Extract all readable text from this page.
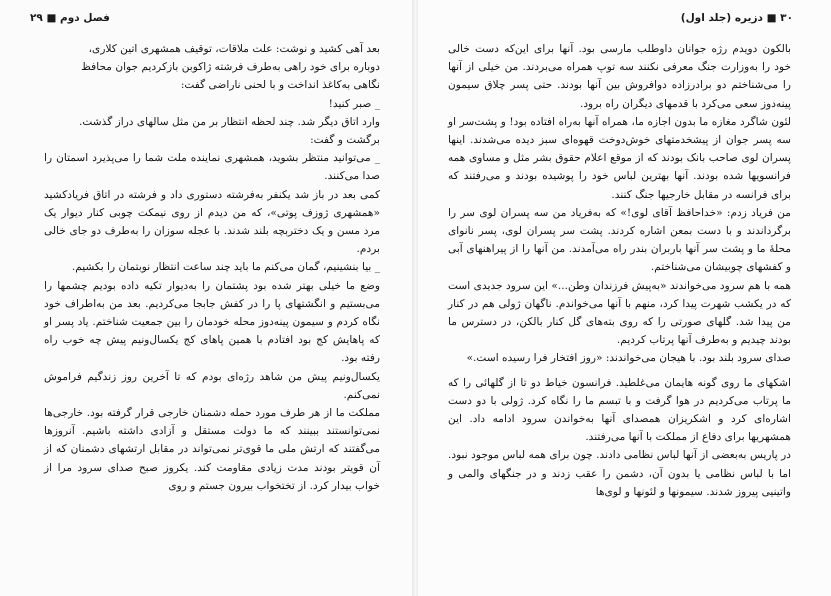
فصل دوم ■ ۲۹

بعد آهی کشید و نوشت: علت ملاقات، توقیف همشهری اتین کلاری،

دوباره برای خود راهی به‌طرف فرشته ژاکوبن بازکردیم جوان محافظ

نگاهی به‌کاغذ انداخت و با لحنی ناراضی گفت:

_ صبر کنید!

وارد اتاق دیگر شد. چند لحظه انتظار بر من مثل سالهای دراز گذشت.

برگشت و گفت:

_ می‌توانید منتظر بشوید، همشهری نماینده ملت شما را می‌پذیرد اسمتان را صدا می‌کنند.

کمی بعد در باز شد یکنفر به‌فرشته دستوری داد و فرشته در اتاق فریادکشید «همشهری ژوزف پوتی»، که من دیدم از روی نیمکت چوبی کنار دیوار یک مرد مسن و یک دختربچه بلند شدند. با عجله سوزان را به‌طرف دو جای خالی بردم.

_ بیا بنشینیم، گمان می‌کنم ما باید چند ساعت انتظار نوبتمان را بکشیم.

وضع ما خیلی بهتر شده بود پشتمان را به‌دیوار تکیه داده بودیم چشمها را می‌بستیم و انگشتهای پا را در کفش جابجا می‌کردیم. بعد من به‌اطراف خود نگاه کردم و سیمون پینه‌دوز محله خودمان را بین جمعیت شناختم. یاد پسر او که پاهایش کج بود افتادم با همین پاهای کج یکسال‌ونیم پیش چه خوب راه رفته بود.

یکسال‌ونیم پیش من شاهد رژه‌ای بودم که تا آخرین روز زندگیم فراموش نمی‌کنم.

مملکت ما از هر طرف مورد حمله دشمنان خارجی قرار گرفته بود. خارجی‌ها نمی‌توانستند ببینند که ما دولت مستقل و آزادی داشته باشیم. آنروزها می‌گفتند که ارتش ملی ما قوی‌تر نمی‌تواند در مقابل ارتشهای دشمنان که از آن قویتر بودند مدت زیادی مقاومت کند. یکروز صبح صدای سرود مرا از خواب بیدار کرد. از تختخواب بیرون جستم و روی

۳۰ ■ دزیره (جلد اول)

بالکون دویدم رژه جوانان داوطلب مارسی بود. آنها برای این‌که دست خالی خود را به‌وزارت جنگ معرفی نکنند سه توپ همراه می‌بردند. من خیلی از آنها را می‌شناختم دو برادرزاده دوافروش بین آنها بودند. حتی پسر چلاق سیمون پینه‌دوز سعی می‌کرد با قدمهای دیگران راه برود.

لئون شاگرد مغازه ما بدون اجازه ما، همراه آنها به‌راه افتاده بود! و پشت‌سر او سه پسر جوان از پیشخدمتهای خوش‌دوخت قهوه‌ای سبز دیده می‌شدند. اینها پسران لوی صاحب بانک بودند که از موقع اعلام حقوق بشر مثل و مساوی همه فرانسویها شده بودند. آنها بهترین لباس خود را پوشیده بودند و می‌رفتند که برای فرانسه در مقابل خارجیها جنگ کنند.

من فریاد زدم: «خداحافظ آقای لوی!» که به‌فریاد من سه پسران لوی سر را برگرداندند و با دست بمعن اشاره کردند. پشت سر پسران لوی، پسر نانوای محلهٔ ما و پشت سر آنها باربران بندر راه می‌آمدند. من آنها را از پیراهنهای آبی و کفشهای چوبیشان می‌شناختم.

همه با هم سرود می‌خواندند «به‌پیش فرزندان وطن...» این سرود جدیدی است که در یکشب شهرت پیدا کرد، منهم با آنها می‌خواندم. ناگهان ژولی هم در کنار من پیدا شد. گلهای صورتی را که روی بته‌های گل کنار بالکن، در دسترس ما بودند چیدیم و به‌طرف آنها پرتاب کردیم.

صدای سرود بلند بود. با هیجان می‌خواندند: «روز افتخار فرا رسیده است.»

اشکهای ما روی گونه هایمان می‌غلطید. فرانسون خیاط دو تا از گلهائی را که ما پرتاب می‌کردیم در هوا گرفت و با تبسم ما را نگاه کرد. ژولی با دو دست اشاره‌ای کرد و اشکریزان همصدای آنها به‌خواندن سرود ادامه داد. این همشهریها برای دفاع از مملکت با آنها می‌رفتند.

در پاریس به‌بعضی از آنها لباس نظامی دادند. چون برای همه لباس موجود نبود. اما با لباس نظامی یا بدون آن، دشمن را عقب زدند و در جنگهای والمی و واتینیی پیروز شدند. سیمونها و لئونها و لوی‌ها
